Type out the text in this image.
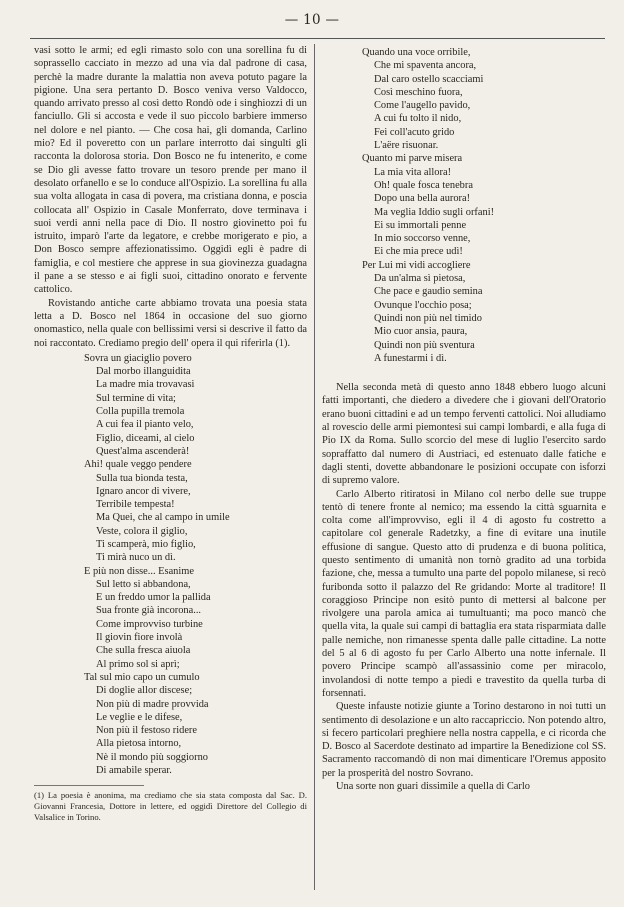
— 10 —

vasi sotto le armi; ed egli rimasto solo con una sorellina fu di soprassello cacciato in mezzo ad una via dal padrone di casa, perchè la madre durante la malattia non aveva potuto pagare la pigione. Una sera pertanto D. Bosco veniva verso Valdocco, quando arrivato presso al così detto Rondò ode i singhiozzi di un fanciullo. Gli si accosta e vede il suo piccolo barbiere immerso nel dolore e nel pianto. — Che cosa hai, gli domanda, Carlino mio? Ed il poveretto con un parlare interrotto dai singulti gli racconta la dolorosa storia. Don Bosco ne fu intenerito, e come se Dio gli avesse fatto trovare un tesoro prende per mano il desolato orfanello e se lo conduce all'Ospizio. La sorellina fu alla sua volta allogata in casa di povera, ma cristiana donna, e poscia collocata all' Ospizio in Casale Monferrato, dove terminava i suoi verdi anni nella pace di Dio. Il nostro giovinetto poi fu istruito, imparò l'arte da legatore, e crebbe morigerato e pio, a Don Bosco sempre affezionatissimo. Oggidì egli è padre di famiglia, e col mestiere che apprese in sua giovinezza guadagna il pane a se stesso e ai figli suoi, cittadino onorato e fervente cattolico.

Rovistando antiche carte abbiamo trovata una poesia stata letta a D. Bosco nel 1864 in occasione del suo giorno onomastico, nella quale con bellissimi versi si descrive il fatto da noi raccontato. Crediamo pregio dell' opera il qui riferirla (1).

Sovra un giaciglio povero
Dal morbo illanguidita
La madre mia trovavasi
Sul termine di vita;
Colla pupilla tremola
A cui fea il pianto velo,
Figlio, diceami, al cielo
Quest'alma ascenderà!
Ahi! quale veggo pendere
Sulla tua bionda testa,
Ignaro ancor di vivere,
Terribile tempesta!
Ma Quei, che al campo in umile
Veste, colora il giglio,
Ti scamperà, mio figlio,
Ti mirà nuco un dì.
E più non disse... Esanime
Sul letto si abbandona,
E un freddo umor la pallida
Sua fronte già incorona...
Come improvviso turbine
Il giovin fiore involà
Che sulla fresca aiuola
Al primo sol si aprì;
Tal sul mio capo un cumulo
Di doglie allor discese;
Non più di madre provvida
Le veglie e le difese,
Non più il festoso ridere
Alla pietosa intorno,
Nè il mondo più soggiorno
Di amabile sperar.
(1) La poesia è anonima, ma crediamo che sia stata composta dal Sac. D. Giovanni Francesia, Dottore in lettere, ed oggidì Direttore del Collegio di Valsalice in Torino.
Quando una voce orribile,
Che mi spaventa ancora,
Dal caro ostello scacciami
Così meschino fuora,
Come l'augello pavido,
A cui fu tolto il nido,
Fei coll'acuto grido
L'aëre risuonar.
Quanto mi parve misera
La mia vita allora!
Oh! quale fosca tenebra
Dopo una bella aurora!
Ma veglia Iddio sugli orfani!
Ei su immortali penne
In mio soccorso venne,
Ei che mia prece udì!
Per Lui mi vidi accogliere
Da un'alma sì pietosa,
Che pace e gaudio semina
Ovunque l'occhio posa;
Quindi non più nel timido
Mio cuor ansia, paura,
Quindi non più sventura
A funestarmi i dì.

Nella seconda metà di questo anno 1848 ebbero luogo alcuni fatti importanti, che diedero a divedere che i giovani dell'Oratorio erano buoni cittadini e ad un tempo ferventi cattolici. Noi alludiamo al rovescio delle armi piemontesi sui campi lombardi, e alla fuga di Pio IX da Roma. Sullo scorcio del mese di luglio l'esercito sardo sopraffatto dal numero di Austriaci, ed estenuato dalle fatiche e dagli stenti, dovette abbandonare le posizioni occupate con isforzi di supremo valore.

Carlo Alberto ritiratosi in Milano col nerbo delle sue truppe tentò di tenere fronte al nemico; ma essendo la città sguarnita e colta come all'improvviso, egli il 4 di agosto fu costretto a capitolare col generale Radetzky, a fine di evitare una inutile effusione di sangue. Questo atto di prudenza e di buona politica, questo sentimento di umanità non tornò gradito ad una torbida fazione, che, messa a tumulto una parte del popolo milanese, si recò furibonda sotto il palazzo del Re gridando: Morte al traditore! Il coraggioso Principe non esitò punto di mettersi al balcone per rivolgere una parola amica ai tumultuanti; ma poco mancò che quella vita, la quale sui campi di battaglia era stata risparmiata dalle palle nemiche, non rimanesse spenta dalle palle cittadine. La notte del 5 al 6 di agosto fu per Carlo Alberto una notte infernale. Il povero Principe scampò all'assassinio come per miracolo, involandosi di notte tempo a piedi e travestito da quella turba di forsennati.

Queste infauste notizie giunte a Torino destarono in noi tutti un sentimento di desolazione e un alto raccapriccio. Non potendo altro, si fecero particolari preghiere nella nostra cappella, e ci ricorda che D. Bosco al Sacerdote destinato ad impartire la Benedizione col SS. Sacramento raccomandò di non mai dimenticare l'Oremus apposito per la prosperità del nostro Sovrano.

Una sorte non guari dissimile a quella di Carlo
